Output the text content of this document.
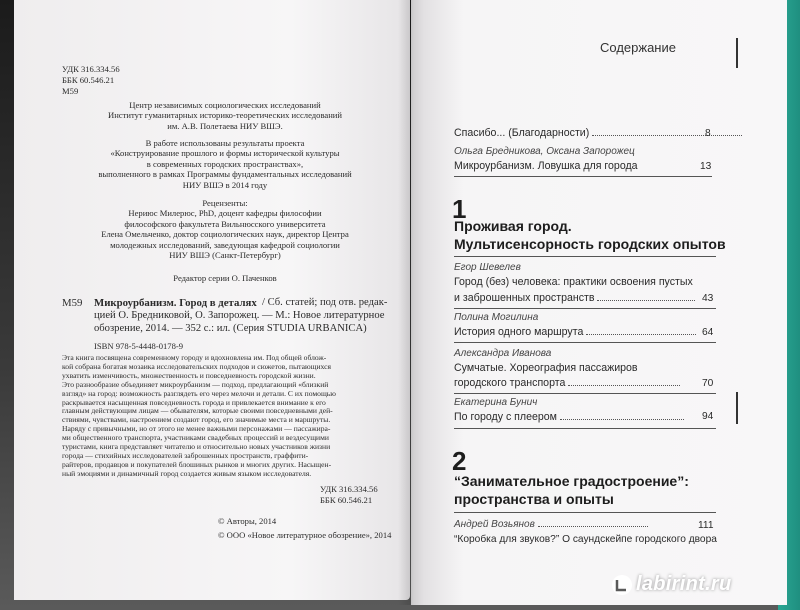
УДК 316.334.56
ББК 60.546.21
М59
Центр независимых социологических исследований
Институт гуманитарных историко-теоретических исследований
им. А.В. Полетаева НИУ ВШЭ.
В работе использованы результаты проекта
«Конструирование прошлого и формы исторической культуры
в современных городских пространствах»,
выполненного в рамках Программы фундаментальных исследований
НИУ ВШЭ в 2014 году
Рецензенты:
Нериюс Милерюс, PhD, доцент кафедры философии
философского факультета Вильнюсского университета
Елена Омельченко, доктор социологических наук, директор Центра
молодежных исследований, заведующая кафедрой социологии
НИУ ВШЭ (Санкт-Петербург)
Редактор серии О. Паченков
М59 Микроурбанизм. Город в деталях / Сб. статей; под отв. редак-
цией О. Бредниковой, О. Запорожец. — М.: Новое литературное
обозрение, 2014. — 352 с.: ил. (Серия STUDIA URBANICA)
ISBN 978-5-4448-0178-9
Эта книга посвящена современному городу и вдохновлена им. Под общей облож-
кой собрана богатая мозаика исследовательских подходов и сюжетов, пытающихся
ухватить изменчивость, множественность и повседневность городской жизни.
Это разнообразие объединяет микроурбанизм — подход, предлагающий «близкий
взгляд» на город: возможность разглядеть его через мелочи и детали. С их помощью
раскрывается насыщенная повседневность города и привлекается внимание к его
главным действующим лицам — обывателям, которые своими повседневными дей-
ствиями, чувствами, настроением создают город, его значимые места и маршруты.
Наряду с привычными, но от этого не менее важными персонажами — пассажира-
ми общественного транспорта, участниками свадебных процессий и вездесущими
туристами, книга представляет читателю и относительно новых участников жизни
города — стихийных исследователей заброшенных пространств, граффити-
райтеров, продавцов и покупателей блошиных рынков и многих других. Насыщен-
ный эмоциями и динамичный город создается живым языком исследователя.
УДК 316.334.56
ББК 60.546.21
© Авторы, 2014
© ООО «Новое литературное обозрение», 2014
Содержание
Спасибо... (Благодарности)	8
Ольга Бредникова, Оксана Запорожец
Микроурбанизм. Ловушка для города	13
1
Проживая город.
Мультисенсорность городских опытов
Егор Шевелев
Город (без) человека: практики освоения пустых
и заброшенных пространств	43
Полина Могилина
История одного маршрута	64
Александра Иванова
Сумчатые. Хореография пассажиров
городского транспорта	70
Екатерина Бунич
По городу с плеером	94
2
“Занимательное градостроение”:
пространства и опыты
Андрей Возьянов	111
“Коробка для звуков?” О саундскейпе городского двора
labirint.ru
